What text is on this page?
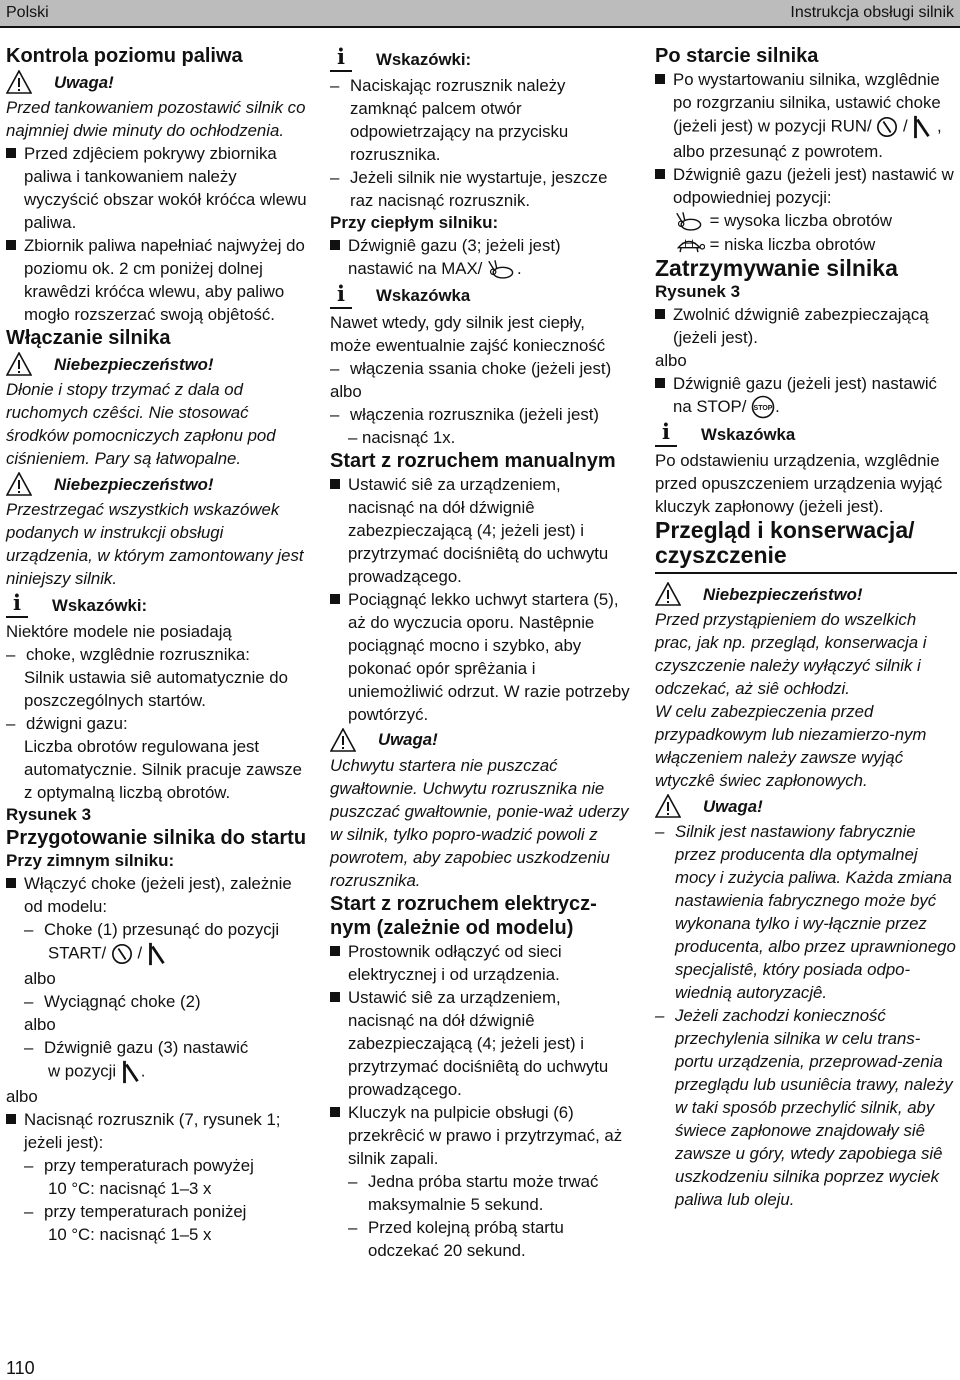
Polski	Instrukcja obsługi silnik
Kontrola poziomu paliwa
Uwaga!

Przed tankowaniem pozostawić silnik co najmniej dwie minuty do ochłodzenia.

Przed zdjêciem pokrywy zbiornika paliwa i tankowaniem należy wyczyścić obszar wokół króćca wlewu paliwa.
Zbiornik paliwa napełniać najwyżej do poziomu ok. 2 cm poniżej dolnej krawêdzi króćca wlewu, aby paliwo mogło rozszerzać swoją objêtość.
Włączanie silnika
Niebezpieczeństwo!

Dłonie i stopy trzymać z dala od ruchomych czêści. Nie stosować środków pomocniczych zapłonu pod ciśnieniem. Pary są łatwopalne.

Niebezpieczeństwo!

Przestrzegać wszystkich wskazówek podanych w instrukcji obsługi urządzenia, w którym zamontowany jest niniejszy silnik.

i	Wskazówki:

Niektóre modele nie posiadają

– choke, wzglêdnie rozrusznika:
Silnik ustawia siê automatycznie do poszczególnych startów.
– dźwigni gazu:
Liczba obrotów regulowana jest automatycznie. Silnik pracuje zawsze z optymalną liczbą obrotów.
Rysunek 3
Przygotowanie silnika do startu
Przy zimnym silniku:
Włączyć choke (jeżeli jest), zależnie od modelu:
– Choke (1) przesunąć do pozycji
START/ /
albo
– Wyciągnąć choke (2)
albo
– Dźwigniê gazu (3) nastawić
w pozycji .
albo
Nacisnąć rozrusznik (7, rysunek 1; jeżeli jest):
– przy temperaturach powyżej
10 °C: nacisnąć 1–3 x
– przy temperaturach poniżej
10 °C: nacisnąć 1–5 x
i	Wskazówki:
– Naciskając rozrusznik należy zamknąć palcem otwór odpowietrzający na przycisku rozrusznika.
– Jeżeli silnik nie wystartuje, jeszcze raz nacisnąć rozrusznik.
Przy ciepłym silniku:
Dźwigniê gazu (3; jeżeli jest) nastawić na MAX/ .
i	Wskazówka

Nawet wtedy, gdy silnik jest ciepły, może ewentualnie zajść konieczność

– włączenia ssania choke (jeżeli jest)
albo
– włączenia rozrusznika (jeżeli jest)
– nacisnąć 1x.
Start z rozruchem manualnym
Ustawić siê za urządzeniem, nacisnąć na dół dźwigniê zabezpieczającą (4; jeżeli jest) i przytrzymać dociśniêtą do uchwytu prowadzącego.
Pociągnąć lekko uchwyt startera (5), aż do wyczucia oporu. Nastêpnie pociągnąć mocno i szybko, aby pokonać opór sprêżania i uniemożliwić odrzut. W razie potrzeby powtórzyć.
Uwaga!

Uchwytu startera nie puszczać gwałtownie. Uchwytu rozrusznika nie puszczać gwałtownie, ponie-waż uderzy w silnik, tylko popro-wadzić powoli z powrotem, aby zapobiec uszkodzeniu rozrusznika.

Start z rozruchem elektrycz-nym (zależnie od modelu)
Prostownik odłączyć od sieci elektrycznej i od urządzenia.
Ustawić siê za urządzeniem, nacisnąć na dół dźwigniê zabezpieczającą (4; jeżeli jest) i przytrzymać dociśniêtą do uchwytu prowadzącego.
Kluczyk na pulpicie obsługi (6) przekrêcić w prawo i przytrzymać, aż silnik zapali.
– Jedna próba startu może trwać maksymalnie 5 sekund.
– Przed kolejną próbą startu odczekać 20 sekund.
Po starcie silnika
Po wystartowaniu silnika, wzglêdnie po rozgrzaniu silnika, ustawić choke (jeżeli jest) w pozycji RUN/ / , albo przesunąć z powrotem.
Dźwigniê gazu (jeżeli jest) nastawić w odpowiedniej pozycji:
= wysoka liczba obrotów
= niska liczba obrotów
Zatrzymywanie silnika
Rysunek 3
Zwolnić dźwigniê zabezpieczającą (jeżeli jest).
albo
Dźwigniê gazu (jeżeli jest) nastawić na STOP/ STOP .
i	Wskazówka

Po odstawieniu urządzenia, wzglêdnie przed opuszczeniem urządzenia wyjąć kluczyk zapłonowy (jeżeli jest).

Przegląd i konserwacja/ czyszczenie
Niebezpieczeństwo!

Przed przystąpieniem do wszelkich prac, jak np. przegląd, konserwacja i czyszczenie należy wyłączyć silnik i odczekać, aż siê ochłodzi.

W celu zabezpieczenia przed przypadkowym lub niezamierzo-nym włączeniem należy zawsze wyjąć wtyczkê świec zapłonowych.

Uwaga!
– Silnik jest nastawiony fabrycznie przez producenta dla optymalnej mocy i zużycia paliwa. Każda zmiana nastawienia fabrycznego może być wykonana tylko i wy-łącznie przez producenta, albo przez uprawnionego specjalistê, który posiada odpo-wiednią autoryzacjê.
– Jeżeli zachodzi konieczność przechylenia silnika w celu trans-portu urządzenia, przeprowad-zenia przeglądu lub usuniêcia trawy, należy w taki sposób przechylić silnik, aby świece zapłonowe znajdowały siê zawsze u góry, wtedy zapobiega siê uszkodzeniu silnika poprzez wyciek paliwa lub oleju.
110
